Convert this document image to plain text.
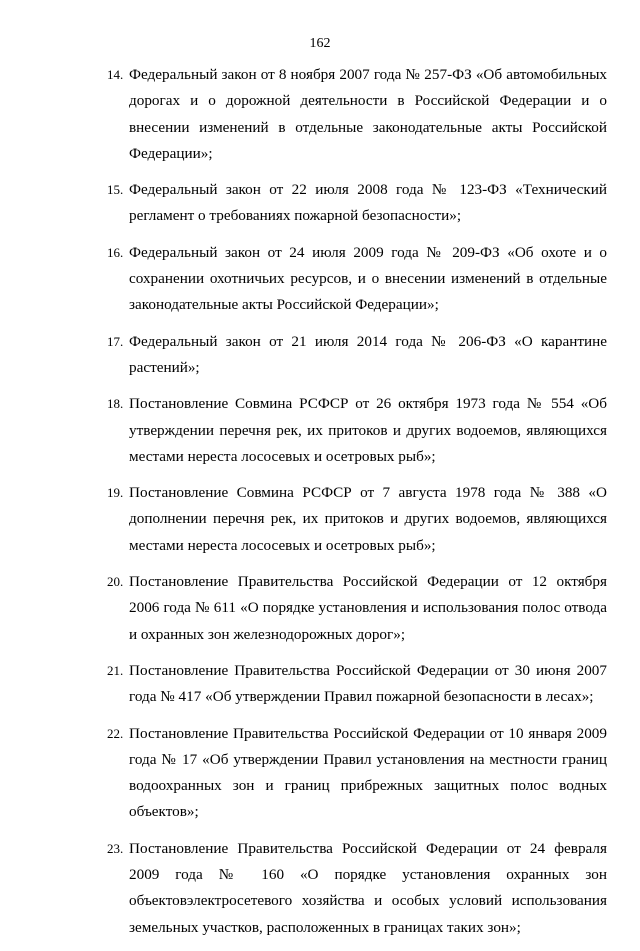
162
14. Федеральный закон от 8 ноября 2007 года № 257-ФЗ «Об автомобильных дорогах и о дорожной деятельности в Российской Федерации и о внесении изменений в отдельные законодательные акты Российской Федерации»;
15. Федеральный закон от 22 июля 2008 года № 123-ФЗ «Технический регламент о требованиях пожарной безопасности»;
16. Федеральный закон от 24 июля 2009 года № 209-ФЗ «Об охоте и о сохранении охотничьих ресурсов, и о внесении изменений в отдельные законодательные акты Российской Федерации»;
17. Федеральный закон от 21 июля 2014 года № 206-ФЗ «О карантине растений»;
18. Постановление Совмина РСФСР от 26 октября 1973 года № 554 «Об утверждении перечня рек, их притоков и других водоемов, являющихся местами нереста лососевых и осетровых рыб»;
19. Постановление Совмина РСФСР от 7 августа 1978 года № 388 «О дополнении перечня рек, их притоков и других водоемов, являющихся местами нереста лососевых и осетровых рыб»;
20. Постановление Правительства Российской Федерации от 12 октября 2006 года № 611 «О порядке установления и использования полос отвода и охранных зон железнодорожных дорог»;
21. Постановление Правительства Российской Федерации от 30 июня 2007 года № 417 «Об утверждении Правил пожарной безопасности в лесах»;
22. Постановление Правительства Российской Федерации от 10 января 2009 года № 17 «Об утверждении Правил установления на местности границ водоохранных зон и границ прибрежных защитных полос водных объектов»;
23. Постановление Правительства Российской Федерации от 24 февраля 2009 года № 160 «О порядке установления охранных зон объектовэлектросетевого хозяйства и особых условий использования земельных участков, расположенных в границах таких зон»;
